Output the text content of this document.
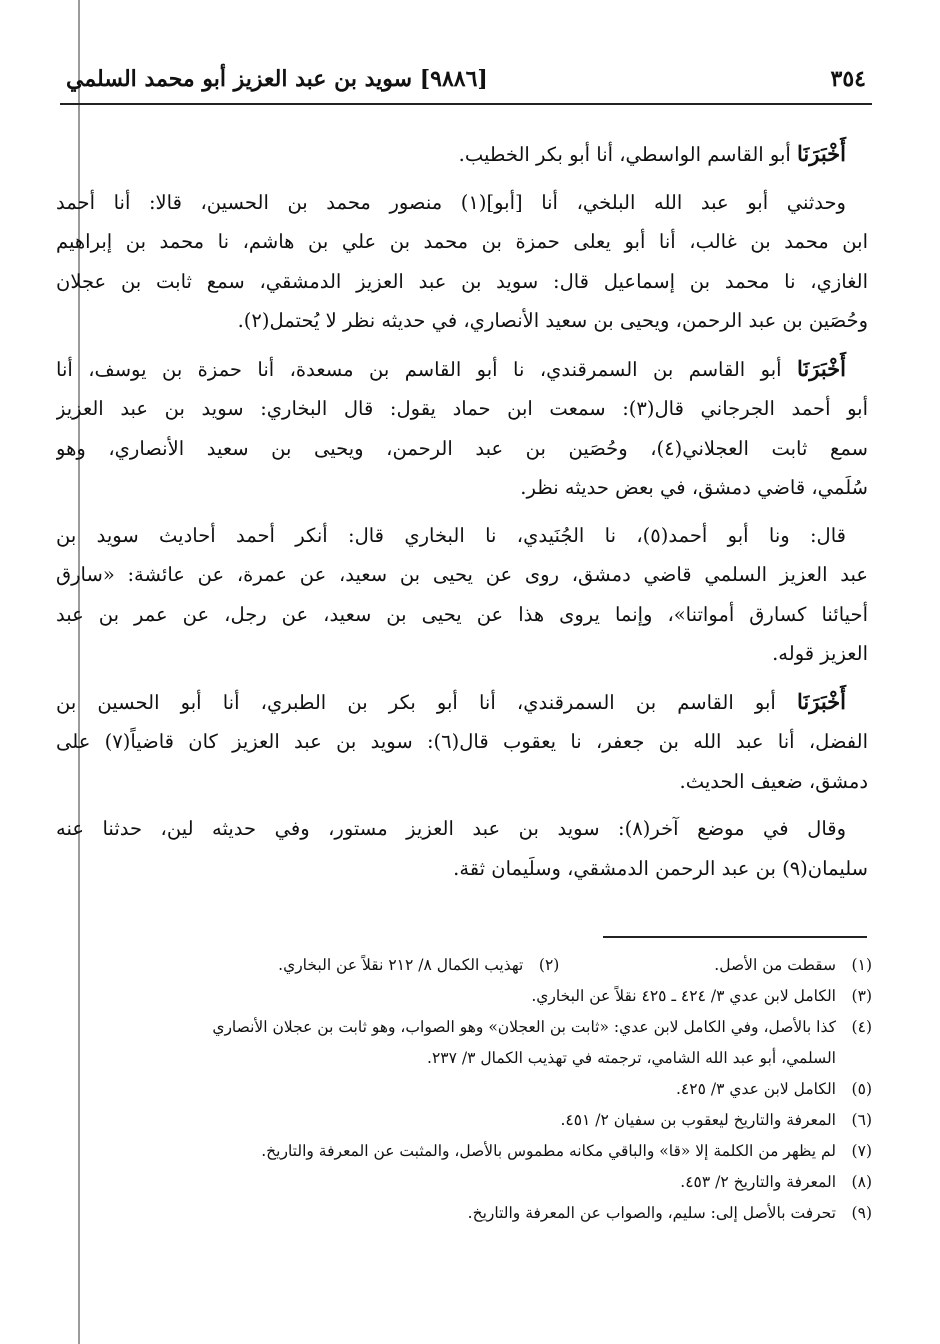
٣٥٤
[٩٨٨٦] سويد بن عبد العزيز أبو محمد السلمي
أَخْبَرَنَا أبو القاسم الواسطي، أنا أبو بكر الخطيب.
وحدثني أبو عبد الله البلخي، أنا [أبو](١) منصور محمد بن الحسين، قالا: أنا أحمد
ابن محمد بن غالب، أنا أبو يعلى حمزة بن محمد بن علي بن هاشم، نا محمد بن إبراهيم
الغازي، نا محمد بن إسماعيل قال: سويد بن عبد العزيز الدمشقي، سمع ثابت بن عجلان
وحُصَين بن عبد الرحمن، ويحيى بن سعيد الأنصاري، في حديثه نظر لا يُحتمل(٢).
أَخْبَرَنَا أبو القاسم بن السمرقندي، نا أبو القاسم بن مسعدة، أنا حمزة بن يوسف، أنا
أبو أحمد الجرجاني قال(٣): سمعت ابن حماد يقول: قال البخاري: سويد بن عبد العزيز
سمع ثابت العجلاني(٤)، وحُصَين بن عبد الرحمن، ويحيى بن سعيد الأنصاري، وهو
سُلَمي، قاضي دمشق، في بعض حديثه نظر.
قال: ونا أبو أحمد(٥)، نا الجُنَيدي، نا البخاري قال: أنكر أحمد أحاديث سويد بن
عبد العزيز السلمي قاضي دمشق، روى عن يحيى بن سعيد، عن عمرة، عن عائشة: «سارق
أحيائنا كسارق أمواتنا»، وإنما يروى هذا عن يحيى بن سعيد، عن رجل، عن عمر بن عبد
العزيز قوله.
أَخْبَرَنَا أبو القاسم بن السمرقندي، أنا أبو بكر بن الطبري، أنا أبو الحسين بن
الفضل، أنا عبد الله بن جعفر، نا يعقوب قال(٦): سويد بن عبد العزيز كان قاضياً(٧) على
دمشق، ضعيف الحديث.
وقال في موضع آخر(٨): سويد بن عبد العزيز مستور، وفي حديثه لين، حدثنا عنه
سليمان(٩) بن عبد الرحمن الدمشقي، وسلَيمان ثقة.
(١)سقطت من الأصل. (٢)تهذيب الكمال ٨/ ٢١٢ نقلاً عن البخاري.
(٣)الكامل لابن عدي ٣/ ٤٢٤ ـ ٤٢٥ نقلاً عن البخاري.
(٤)كذا بالأصل، وفي الكامل لابن عدي: «ثابت بن العجلان» وهو الصواب، وهو ثابت بن عجلان الأنصاري
السلمي، أبو عبد الله الشامي، ترجمته في تهذيب الكمال ٣/ ٢٣٧.
(٥)الكامل لابن عدي ٣/ ٤٢٥.
(٦)المعرفة والتاريخ ليعقوب بن سفيان ٢/ ٤٥١.
(٧)لم يظهر من الكلمة إلا «قا» والباقي مكانه مطموس بالأصل، والمثبت عن المعرفة والتاريخ.
(٨)المعرفة والتاريخ ٢/ ٤٥٣.
(٩)تحرفت بالأصل إلى: سليم، والصواب عن المعرفة والتاريخ.
